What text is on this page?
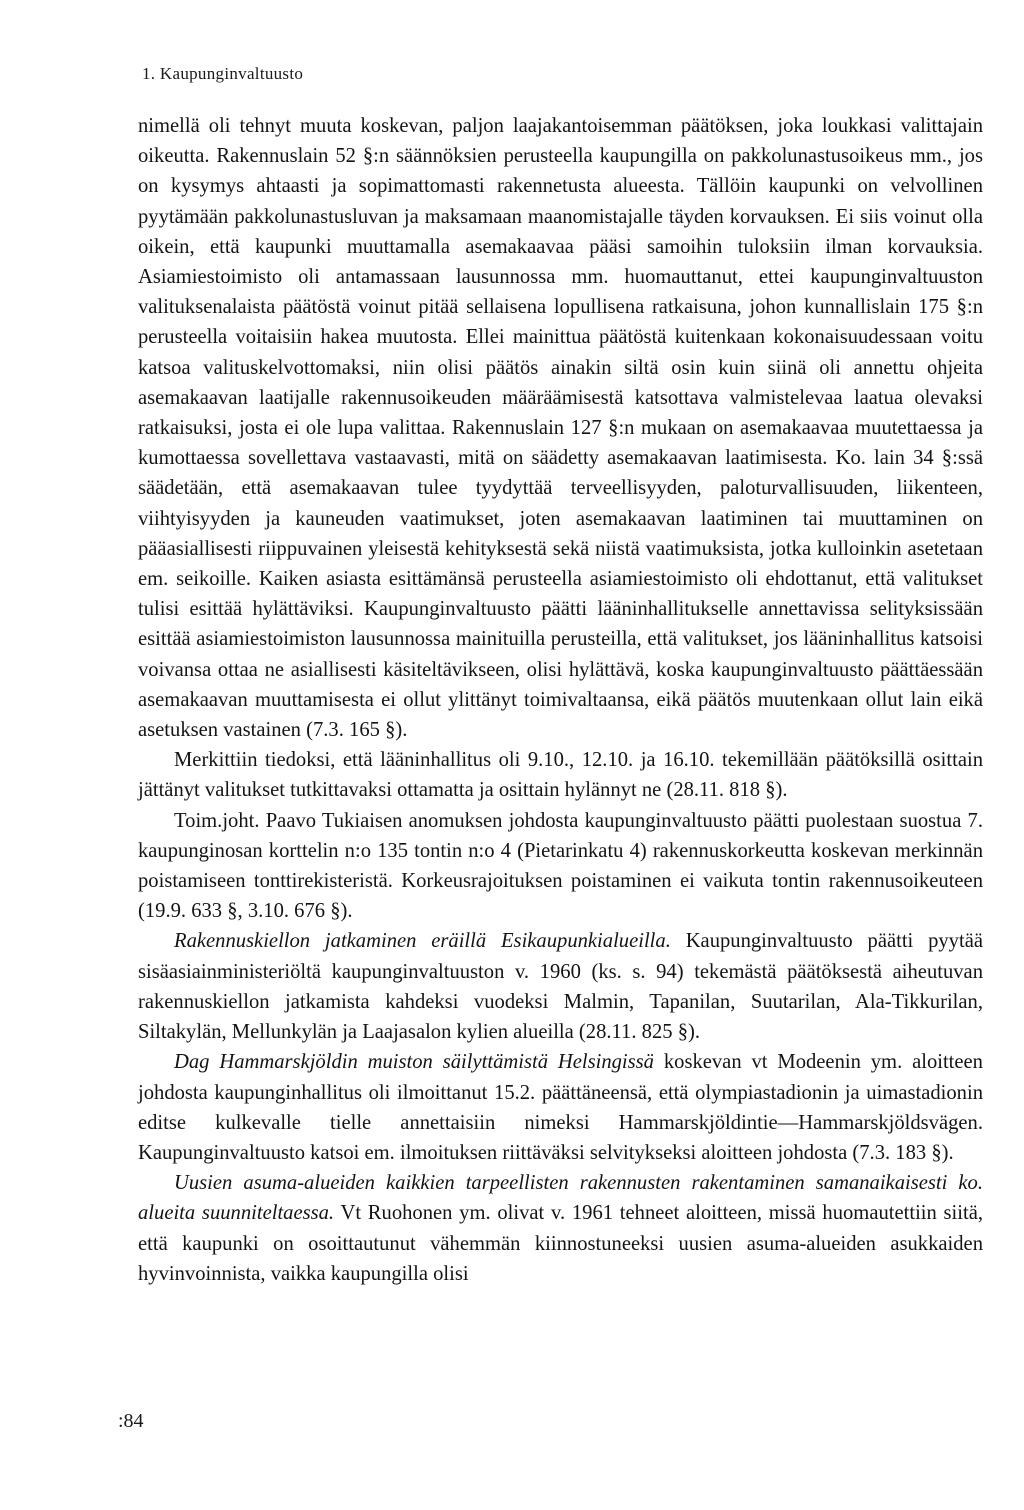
1. Kaupunginvaltuusto

nimellä oli tehnyt muuta koskevan, paljon laajakantoisemman päätöksen, joka loukkasi valittajain oikeutta. Rakennuslain 52 §:n säännöksien perusteella kaupungilla on pakkolunastusoikeus mm., jos on kysymys ahtaasti ja sopimattomasti rakennetusta alueesta. Tällöin kaupunki on velvollinen pyytämään pakkolunastusluvan ja maksamaan maanomistajalle täyden korvauksen. Ei siis voinut olla oikein, että kaupunki muuttamalla asemakaavaa pääsi samoihin tuloksiin ilman korvauksia. Asiamiestoimisto oli antamassaan lausunnossa mm. huomauttanut, ettei kaupunginvaltuuston valituksenalaista päätöstä voinut pitää sellaisena lopullisena ratkaisuna, johon kunnallislain 175 §:n perusteella voitaisiin hakea muutosta. Ellei mainittua päätöstä kuitenkaan kokonaisuudessaan voitu katsoa valituskelvottomaksi, niin olisi päätös ainakin siltä osin kuin siinä oli annettu ohjeita asemakaavan laatijalle rakennusoikeuden määräämisestä katsottava valmistelevaa laatua olevaksi ratkaisuksi, josta ei ole lupa valittaa. Rakennuslain 127 §:n mukaan on asemakaavaa muutettaessa ja kumottaessa sovellettava vastaavasti, mitä on säädetty asemakaavan laatimisesta. Ko. lain 34 §:ssä säädetään, että asemakaavan tulee tyydyttää terveellisyyden, paloturvallisuuden, liikenteen, viihtyisyyden ja kauneuden vaatimukset, joten asemakaavan laatiminen tai muuttaminen on pääasiallisesti riippuvainen yleisestä kehityksestä sekä niistä vaatimuksista, jotka kulloinkin asetetaan em. seikoille. Kaiken asiasta esittämänsä perusteella asiamiestoimisto oli ehdottanut, että valitukset tulisi esittää hylättäviksi. Kaupunginvaltuusto päätti lääninhallitukselle annettavissa selityksissään esittää asiamiestoimiston lausunnossa mainituilla perusteilla, että valitukset, jos lääninhallitus katsoisi voivansa ottaa ne asiallisesti käsiteltävikseen, olisi hylättävä, koska kaupunginvaltuusto päättäessään asemakaavan muuttamisesta ei ollut ylittänyt toimivaltaansa, eikä päätös muutenkaan ollut lain eikä asetuksen vastainen (7.3. 165 §).

Merkittiin tiedoksi, että lääninhallitus oli 9.10., 12.10. ja 16.10. tekemillään päätöksillä osittain jättänyt valitukset tutkittavaksi ottamatta ja osittain hylännyt ne (28.11. 818 §).

Toim.joht. Paavo Tukiaisen anomuksen johdosta kaupunginvaltuusto päätti puolestaan suostua 7. kaupunginosan korttelin n:o 135 tontin n:o 4 (Pietarinkatu 4) rakennuskorkeutta koskevan merkinnän poistamiseen tonttirekisteristä. Korkeusrajoituksen poistaminen ei vaikuta tontin rakennusoikeuteen (19.9. 633 §, 3.10. 676 §).

Rakennuskiellon jatkaminen eräillä Esikaupunkialueilla. Kaupunginvaltuusto päätti pyytää sisäasiainministeriöltä kaupunginvaltuuston v. 1960 (ks. s. 94) tekemästä päätöksestä aiheutuvan rakennuskiellon jatkamista kahdeksi vuodeksi Malmin, Tapanilan, Suutarilan, Ala-Tikkurilan, Siltakylän, Mellunkylän ja Laajasalon kylien alueilla (28.11. 825 §).

Dag Hammarskjöldin muiston säilyttämistä Helsingissä koskevan vt Modeenin ym. aloitteen johdosta kaupunginhallitus oli ilmoittanut 15.2. päättäneensä, että olympiastadionin ja uimastadionin editse kulkevalle tielle annettaisiin nimeksi Hammarskjöldintie—Hammarskjöldsvägen. Kaupunginvaltuusto katsoi em. ilmoituksen riittäväksi selvitykseksi aloitteen johdosta (7.3. 183 §).

Uusien asuma-alueiden kaikkien tarpeellisten rakennusten rakentaminen samanaikaisesti ko. alueita suunniteltaessa. Vt Ruohonen ym. olivat v. 1961 tehneet aloitteen, missä huomautettiin siitä, että kaupunki on osoittautunut vähemmän kiinnostuneeksi uusien asuma-alueiden asukkaiden hyvinvoinnista, vaikka kaupungilla olisi

:84
